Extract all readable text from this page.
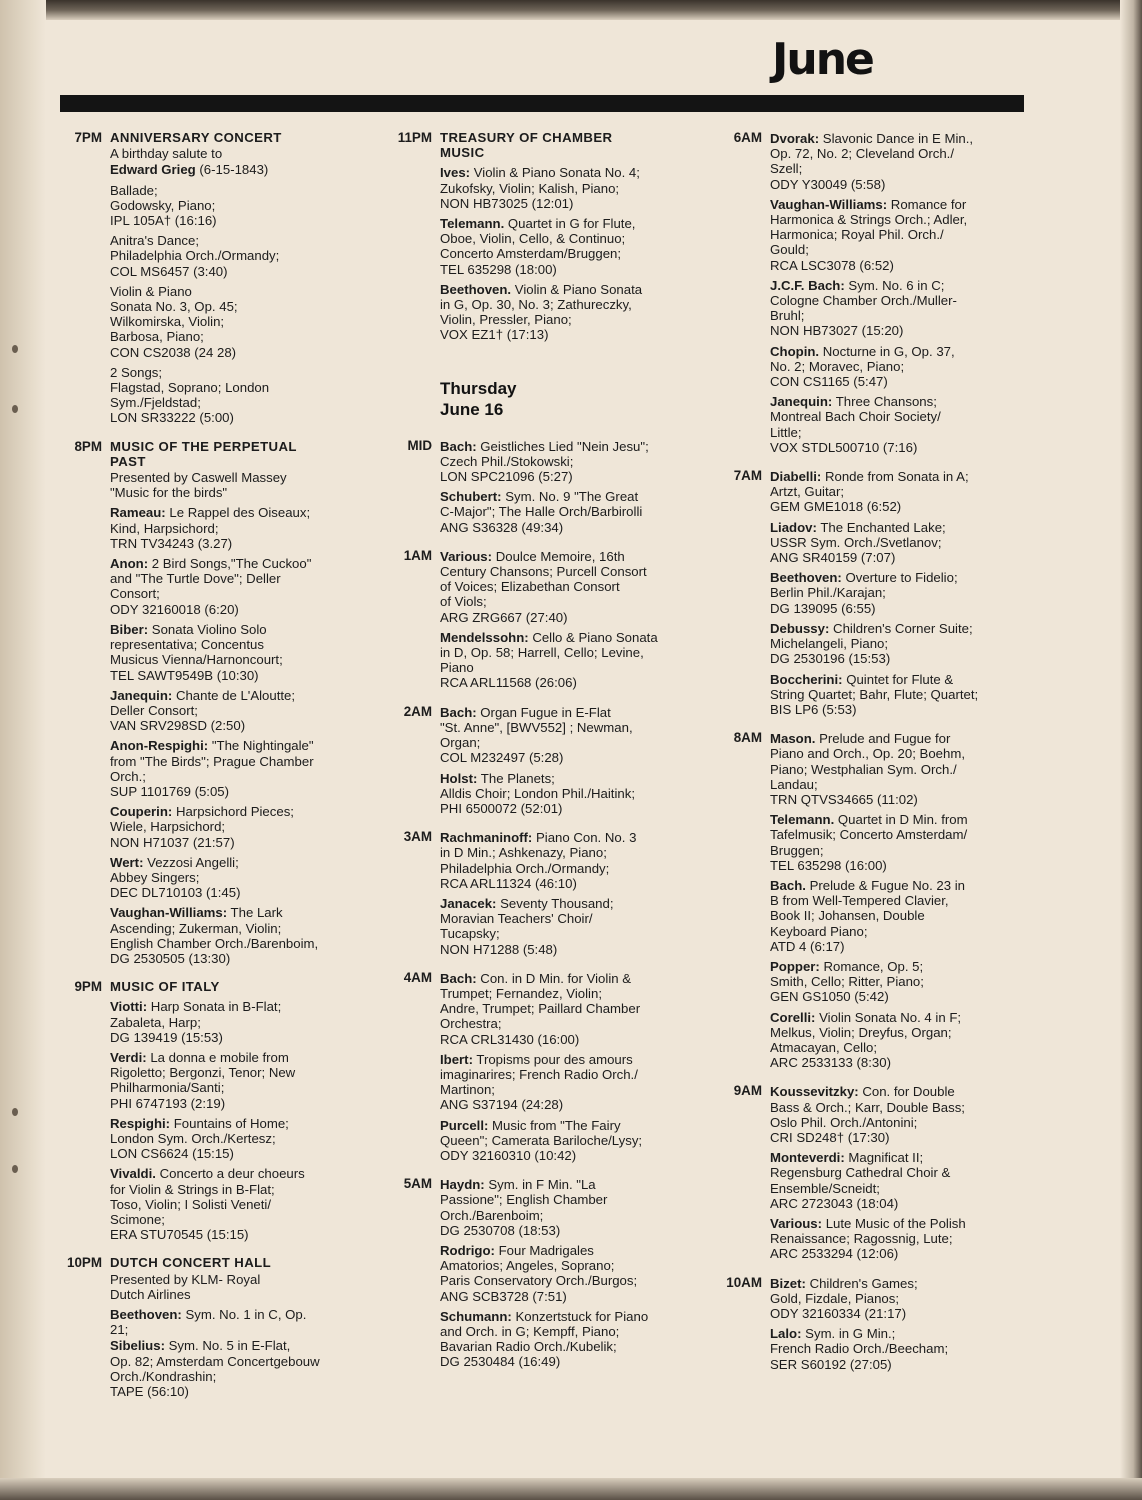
June
7PM ANNIVERSARY CONCERT
A birthday salute to
Edward Grieg (6-15-1843)
Ballade;
Godowsky, Piano;
IPL 105A† (16:16)
Anitra's Dance;
Philadelphia Orch./Ormandy;
COL MS6457 (3:40)
Violin & Piano
Sonata No. 3, Op. 45;
Wilkomirska, Violin;
Barbosa, Piano;
CON CS2038 (24 28)
2 Songs;
Flagstad, Soprano; London
Sym./Fjeldstad;
LON SR33222 (5:00)
8PM MUSIC OF THE PERPETUAL
PAST
Presented by Caswell Massey
"Music for the birds"
Rameau: Le Rappel des Oiseaux;
Kind, Harpsichord;
TRN TV34243 (3.27)
Anon: 2 Bird Songs,"The Cuckoo"
and "The Turtle Dove"; Deller
Consort;
ODY 32160018 (6:20)
Biber: Sonata Violino Solo
representativa; Concentus
Musicus Vienna/Harnoncourt;
TEL SAWT9549B (10:30)
Janequin: Chante de L'Aloutte;
Deller Consort;
VAN SRV298SD (2:50)
Anon-Respighi: "The Nightingale"
from "The Birds"; Prague Chamber
Orch.;
SUP 1101769 (5:05)
Couperin: Harpsichord Pieces;
Wiele, Harpsichord;
NON H71037 (21:57)
Wert: Vezzosi Angelli;
Abbey Singers;
DEC DL710103 (1:45)
Vaughan-Williams: The Lark
Ascending; Zukerman, Violin;
English Chamber Orch./Barenboim,
DG 2530505 (13:30)
9PM MUSIC OF ITALY
Viotti: Harp Sonata in B-Flat;
Zabaleta, Harp;
DG 139419 (15:53)
Verdi: La donna e mobile from
Rigoletto; Bergonzi, Tenor; New
Philharmonia/Santi;
PHI 6747193 (2:19)
Respighi: Fountains of Home;
London Sym. Orch./Kertesz;
LON CS6624 (15:15)
Vivaldi. Concerto a deur choeurs
for Violin & Strings in B-Flat;
Toso, Violin; I Solisti Veneti/
Scimone;
ERA STU70545 (15:15)
10PM DUTCH CONCERT HALL
Presented by KLM- Royal
Dutch Airlines
Beethoven: Sym. No. 1 in C, Op.
21;
Sibelius: Sym. No. 5 in E-Flat,
Op. 82; Amsterdam Concertgebouw
Orch./Kondrashin;
TAPE (56:10)
11PM TREASURY OF CHAMBER
MUSIC
Ives: Violin & Piano Sonata No. 4;
Zukofsky, Violin; Kalish, Piano;
NON HB73025 (12:01)
Telemann. Quartet in G for Flute,
Oboe, Violin, Cello, & Continuo;
Concerto Amsterdam/Bruggen;
TEL 635298 (18:00)
Beethoven. Violin & Piano Sonata
in G, Op. 30, No. 3; Zathureczky,
Violin, Pressler, Piano;
VOX EZ1† (17:13)
Thursday
June 16
MID Bach: Geistliches Lied "Nein Jesu";
Czech Phil./Stokowski;
LON SPC21096 (5:27)
Schubert: Sym. No. 9 "The Great
C-Major"; The Halle Orch/Barbirolli
ANG S36328 (49:34)
1AM Various: Doulce Memoire, 16th
Century Chansons; Purcell Consort
of Voices; Elizabethan Consort
of Viols;
ARG ZRG667 (27:40)
Mendelssohn: Cello & Piano Sonata
in D, Op. 58; Harrell, Cello; Levine,
Piano
RCA ARL11568 (26:06)
2AM Bach: Organ Fugue in E-Flat
"St. Anne", [BWV552] ; Newman,
Organ;
COL M232497 (5:28)
Holst: The Planets;
Alldis Choir; London Phil./Haitink;
PHI 6500072 (52:01)
3AM Rachmaninoff: Piano Con. No. 3
in D Min.; Ashkenazy, Piano;
Philadelphia Orch./Ormandy;
RCA ARL11324 (46:10)
Janacek: Seventy Thousand;
Moravian Teachers' Choir/
Tucapsky;
NON H71288 (5:48)
4AM Bach: Con. in D Min. for Violin &
Trumpet; Fernandez, Violin;
Andre, Trumpet; Paillard Chamber
Orchestra;
RCA CRL31430 (16:00)
Ibert: Tropisms pour des amours
imaginarires; French Radio Orch./
Martinon;
ANG S37194 (24:28)
Purcell: Music from "The Fairy
Queen"; Camerata Bariloche/Lysy;
ODY 32160310 (10:42)
5AM Haydn: Sym. in F Min. "La
Passione"; English Chamber
Orch./Barenboim;
DG 2530708 (18:53)
Rodrigo: Four Madrigales
Amatorios; Angeles, Soprano;
Paris Conservatory Orch./Burgos;
ANG SCB3728 (7:51)
Schumann: Konzertstuck for Piano
and Orch. in G; Kempff, Piano;
Bavarian Radio Orch./Kubelik;
DG 2530484 (16:49)
6AM Dvorak: Slavonic Dance in E Min.,
Op. 72, No. 2; Cleveland Orch./
Szell;
ODY Y30049 (5:58)
Vaughan-Williams: Romance for
Harmonica & Strings Orch.; Adler,
Harmonica; Royal Phil. Orch./
Gould;
RCA LSC3078 (6:52)
J.C.F. Bach: Sym. No. 6 in C;
Cologne Chamber Orch./Muller-
Bruhl;
NON HB73027 (15:20)
Chopin. Nocturne in G, Op. 37,
No. 2; Moravec, Piano;
CON CS1165 (5:47)
Janequin: Three Chansons;
Montreal Bach Choir Society/
Little;
VOX STDL500710 (7:16)
7AM Diabelli: Ronde from Sonata in A;
Artzt, Guitar;
GEM GME1018 (6:52)
Liadov: The Enchanted Lake;
USSR Sym. Orch./Svetlanov;
ANG SR40159 (7:07)
Beethoven: Overture to Fidelio;
Berlin Phil./Karajan;
DG 139095 (6:55)
Debussy: Children's Corner Suite;
Michelangeli, Piano;
DG 2530196 (15:53)
Boccherini: Quintet for Flute &
String Quartet; Bahr, Flute; Quartet;
BIS LP6 (5:53)
8AM Mason. Prelude and Fugue for
Piano and Orch., Op. 20; Boehm,
Piano; Westphalian Sym. Orch./
Landau;
TRN QTVS34665 (11:02)
Telemann. Quartet in D Min. from
Tafelmusik; Concerto Amsterdam/
Bruggen;
TEL 635298 (16:00)
Bach. Prelude & Fugue No. 23 in
B from Well-Tempered Clavier,
Book II; Johansen, Double
Keyboard Piano;
ATD 4 (6:17)
Popper: Romance, Op. 5;
Smith, Cello; Ritter, Piano;
GEN GS1050 (5:42)
Corelli: Violin Sonata No. 4 in F;
Melkus, Violin; Dreyfus, Organ;
Atmacayan, Cello;
ARC 2533133 (8:30)
9AM Koussevitzky: Con. for Double
Bass & Orch.; Karr, Double Bass;
Oslo Phil. Orch./Antonini;
CRI SD248† (17:30)
Monteverdi: Magnificat II;
Regensburg Cathedral Choir &
Ensemble/Scneidt;
ARC 2723043 (18:04)
Various: Lute Music of the Polish
Renaissance; Ragossnig, Lute;
ARC 2533294 (12:06)
10AM Bizet: Children's Games;
Gold, Fizdale, Pianos;
ODY 32160334 (21:17)
Lalo: Sym. in G Min.;
French Radio Orch./Beecham;
SER S60192 (27:05)
